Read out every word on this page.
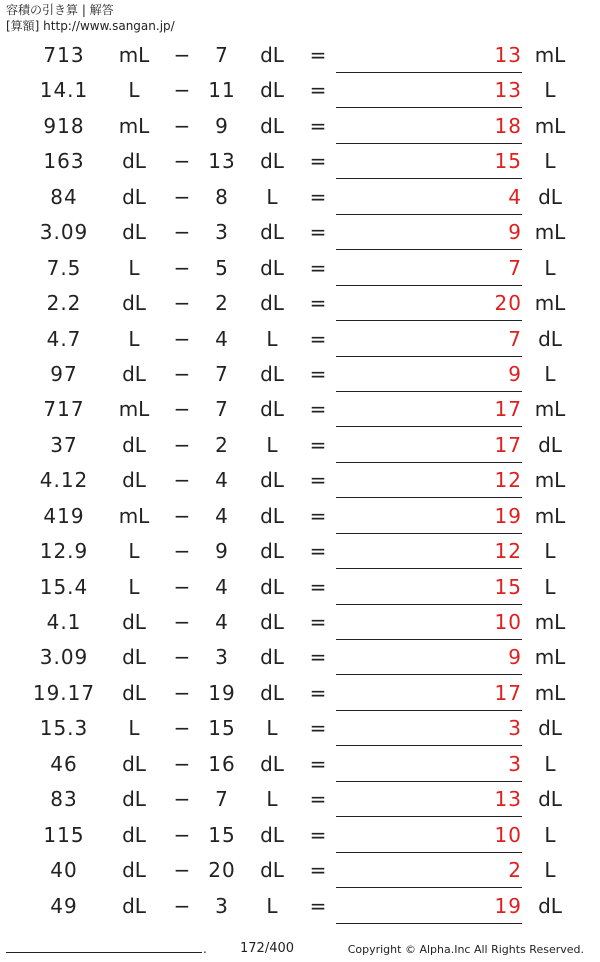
容積の引き算 | 解答
[算額] http://www.sangan.jp/
713	mL	−	7	dL	=	13 mL
14.1	L	− 11	dL	=	13	L
918	mL	−	9	dL	=	18 mL
163	dL	− 13	dL	=	15	L
84	dL	−	8	L	=	4 dL
3.09	dL	−	3	dL	=	9 mL
7.5	L	−	5	dL	=	7	L
2.2	dL	−	2	dL	=	20 mL
4.7	L	−	4	L	=	7 dL
97	dL	−	7	dL	=	9	L
717	mL	−	7	dL	=	17 mL
37	dL	−	2	L	=	17 dL
4.12	dL	−	4	dL	=	12 mL
419	mL	−	4	dL	=	19 mL
12.9	L	−	9	dL	=	12	L
15.4	L	−	4	dL	=	15	L
4.1	dL	−	4	dL	=	10 mL
3.09	dL	−	3	dL	=	9 mL
19.17	dL	− 19	dL	=	17 mL
15.3	L	− 15	L	=	3 dL
46	dL	− 16	dL	=	3	L
83	dL	−	7	L	=	13 dL
115	dL	− 15	dL	=	10	L
40	dL	− 20	dL	=	2	L
49	dL	−	3	L	=	19 dL
.	172/400	Copyright © Alpha.Inc All Rights Reserved.
